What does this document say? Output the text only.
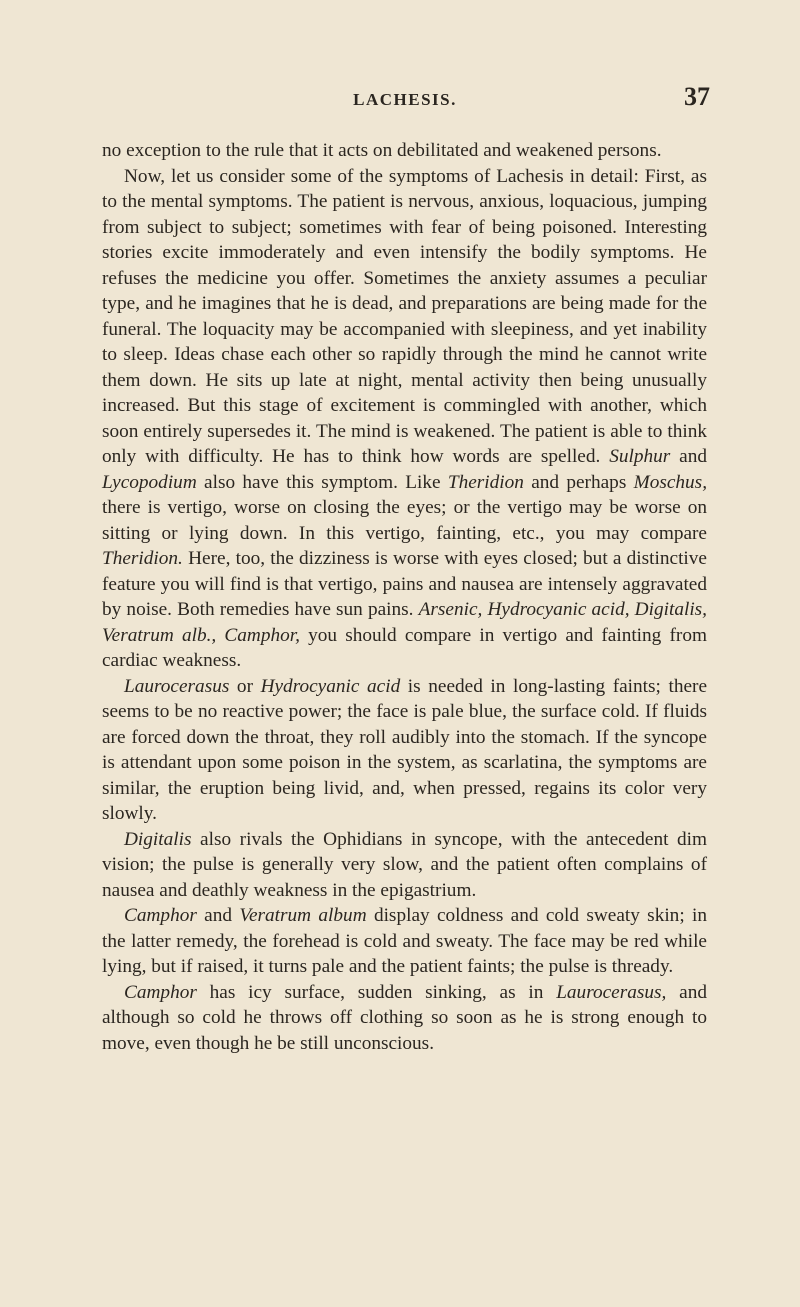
LACHESIS.	37

no exception to the rule that it acts on debilitated and weakened persons.

Now, let us consider some of the symptoms of Lachesis in detail: First, as to the mental symptoms. The patient is nervous, anxious, loquacious, jumping from subject to subject; sometimes with fear of being poisoned. Interesting stories excite immoderately and even intensify the bodily symptoms. He refuses the medicine you offer. Sometimes the anxiety assumes a peculiar type, and he imagines that he is dead, and preparations are being made for the funeral. The loquacity may be accompanied with sleepiness, and yet inability to sleep. Ideas chase each other so rapidly through the mind he cannot write them down. He sits up late at night, mental activity then being unusually increased. But this stage of excitement is commingled with another, which soon entirely supersedes it. The mind is weakened. The patient is able to think only with difficulty. He has to think how words are spelled. Sulphur and Lycopodium also have this symptom. Like Theridion and perhaps Moschus, there is vertigo, worse on closing the eyes; or the vertigo may be worse on sitting or lying down. In this vertigo, fainting, etc., you may compare Theridion. Here, too, the dizziness is worse with eyes closed; but a distinctive feature you will find is that vertigo, pains and nausea are intensely aggravated by noise. Both remedies have sun pains. Arsenic, Hydrocyanic acid, Digitalis, Veratrum alb., Camphor, you should compare in vertigo and fainting from cardiac weakness.

Laurocerasus or Hydrocyanic acid is needed in long-lasting faints; there seems to be no reactive power; the face is pale blue, the surface cold. If fluids are forced down the throat, they roll audibly into the stomach. If the syncope is attendant upon some poison in the system, as scarlatina, the symptoms are similar, the eruption being livid, and, when pressed, regains its color very slowly.

Digitalis also rivals the Ophidians in syncope, with the antecedent dim vision; the pulse is generally very slow, and the patient often complains of nausea and deathly weakness in the epigastrium.

Camphor and Veratrum album display coldness and cold sweaty skin; in the latter remedy, the forehead is cold and sweaty. The face may be red while lying, but if raised, it turns pale and the patient faints; the pulse is thready.

Camphor has icy surface, sudden sinking, as in Laurocerasus, and although so cold he throws off clothing so soon as he is strong enough to move, even though he be still unconscious.
